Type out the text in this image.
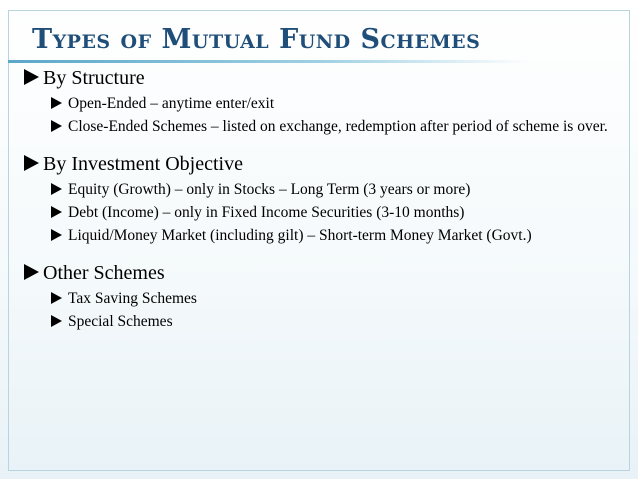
Types of Mutual Fund Schemes
By Structure
Open-Ended – anytime enter/exit
Close-Ended Schemes – listed on exchange, redemption after period of scheme is over.
By Investment Objective
Equity (Growth) – only in Stocks – Long Term (3 years or more)
Debt (Income) – only in Fixed Income Securities (3-10 months)
Liquid/Money Market (including gilt) – Short-term Money Market (Govt.)
Other Schemes
Tax Saving Schemes
Special Schemes
